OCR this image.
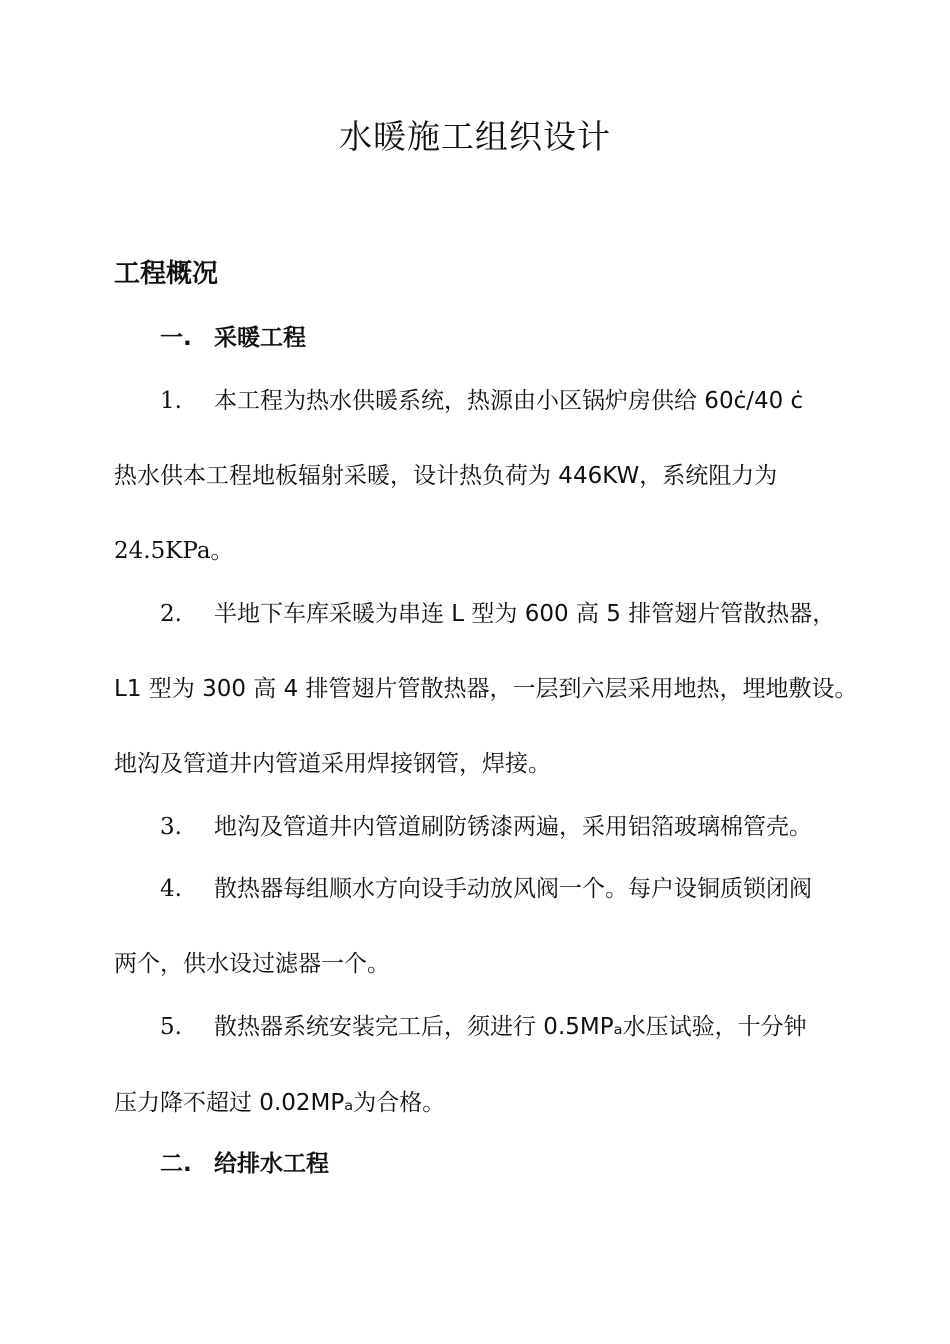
水暖施工组织设计
工程概况
一. 采暖工程
1. 本工程为热水供暖系统，热源由小区锅炉房供给 60ċ/40 ċ
热水供本工程地板辐射采暖，设计热负荷为 446KW，系统阻力为
24.5KPa。
2. 半地下车库采暖为串连 L 型为 600 高 5 排管翅片管散热器，
L1 型为 300 高 4 排管翅片管散热器，一层到六层采用地热，埋地敷设。
地沟及管道井内管道采用焊接钢管，焊接。
3. 地沟及管道井内管道刷防锈漆两遍，采用铝箔玻璃棉管壳。
4. 散热器每组顺水方向设手动放风阀一个。每户设铜质锁闭阀
两个，供水设过滤器一个。
5. 散热器系统安装完工后，须进行 0.5MPₐ水压试验，十分钟
压力降不超过 0.02MPₐ为合格。
二. 给排水工程
